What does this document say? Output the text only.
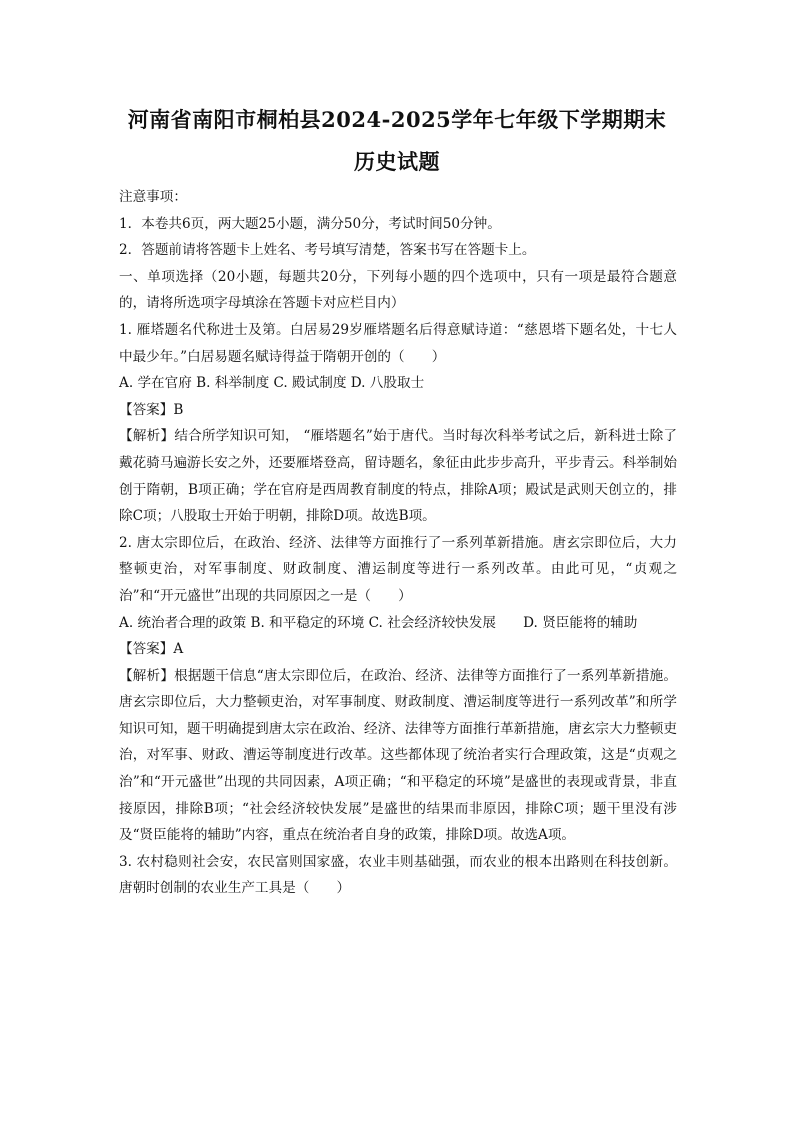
河南省南阳市桐柏县2024-2025学年七年级下学期期末
历史试题

注意事项：

1．本卷共6页，两大题25小题，满分50分，考试时间50分钟。

2．答题前请将答题卡上姓名、考号填写清楚，答案书写在答题卡上。

一、单项选择（20小题，每题共20分，下列每小题的四个选项中，只有一项是最符合题意的，请将所选项字母填涂在答题卡对应栏目内）

1. 雁塔题名代称进士及第。白居易29岁雁塔题名后得意赋诗道：“慈恩塔下题名处，十七人中最少年。”白居易题名赋诗得益于隋朝开创的（　　）

A. 学在官府 B. 科举制度 C. 殿试制度 D. 八股取士

【答案】B

【解析】结合所学知识可知， “雁塔题名”始于唐代。当时每次科举考试之后，新科进士除了戴花骑马遍游长安之外，还要雁塔登高，留诗题名，象征由此步步高升，平步青云。科举制始创于隋朝，B项正确；学在官府是西周教育制度的特点，排除A项；殿试是武则天创立的，排除C项；八股取士开始于明朝，排除D项。故选B项。

2. 唐太宗即位后，在政治、经济、法律等方面推行了一系列革新措施。唐玄宗即位后，大力整顿吏治，对军事制度、财政制度、漕运制度等进行一系列改革。由此可见，“贞观之治”和“开元盛世”出现的共同原因之一是（　　）

A. 统治者合理的政策 B. 和平稳定的环境 C. 社会经济较快发展　　D. 贤臣能将的辅助

【答案】A

【解析】根据题干信息“唐太宗即位后，在政治、经济、法律等方面推行了一系列革新措施。唐玄宗即位后，大力整顿吏治，对军事制度、财政制度、漕运制度等进行一系列改革”和所学知识可知，题干明确提到唐太宗在政治、经济、法律等方面推行革新措施，唐玄宗大力整顿吏治，对军事、财政、漕运等制度进行改革。这些都体现了统治者实行合理政策，这是“贞观之治”和“开元盛世”出现的共同因素，A项正确；“和平稳定的环境”是盛世的表现或背景，非直接原因，排除B项；“社会经济较快发展”是盛世的结果而非原因，排除C项；题干里没有涉及“贤臣能将的辅助”内容，重点在统治者自身的政策，排除D项。故选A项。

3. 农村稳则社会安，农民富则国家盛，农业丰则基础强，而农业的根本出路则在科技创新。唐朝时创制的农业生产工具是（　　）
